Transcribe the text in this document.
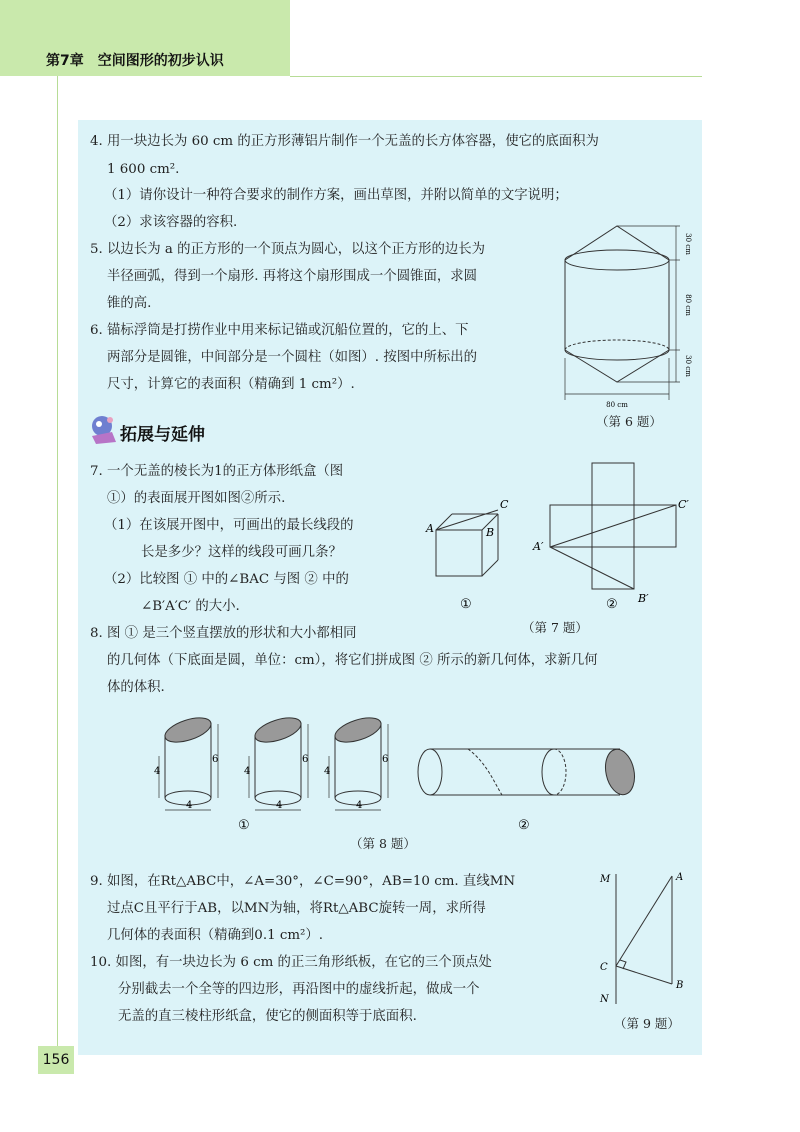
第7章　空间图形的初步认识
4. 用一块边长为 60 cm 的正方形薄铝片制作一个无盖的长方体容器，使它的底面积为
1 600 cm².
（1）请你设计一种符合要求的制作方案，画出草图，并附以简单的文字说明；
（2）求该容器的容积.
5. 以边长为 a 的正方形的一个顶点为圆心，以这个正方形的边长为
半径画弧，得到一个扇形. 再将这个扇形围成一个圆锥面，求圆
锥的高.
6. 锚标浮筒是打捞作业中用来标记锚或沉船位置的，它的上、下
两部分是圆锥，中间部分是一个圆柱（如图）. 按图中所标出的
尺寸，计算它的表面积（精确到 1 cm²）.
30 cm
80 cm
30 cm
80 cm
（第 6 题）
拓展与延伸
7. 一个无盖的棱长为1的正方体形纸盒（图
①）的表面展开图如图②所示.
（1）在该展开图中，可画出的最长线段的
长是多少？这样的线段可画几条？
（2）比较图 ① 中的∠BAC 与图 ② 中的
∠B′A′C′ 的大小.
A	B
C
A′
B′
C′
①	②
（第 7 题）
8. 图 ① 是三个竖直摆放的形状和大小都相同
的几何体（下底面是圆，单位：cm），将它们拼成图 ② 所示的新几何体，求新几何
体的体积.
4
6
4
4
6
4
4
6
4
①	②
（第 8 题）
9. 如图，在Rt△ABC中，∠A=30°，∠C=90°，AB=10 cm. 直线MN
过点C且平行于AB，以MN为轴，将Rt△ABC旋转一周，求所得
几何体的表面积（精确到0.1 cm²）.
10. 如图，有一块边长为 6 cm 的正三角形纸板，在它的三个顶点处
分别截去一个全等的四边形，再沿图中的虚线折起，做成一个
无盖的直三棱柱形纸盒，使它的侧面积等于底面积.
M
N
C
A
B
（第 9 题）
156
